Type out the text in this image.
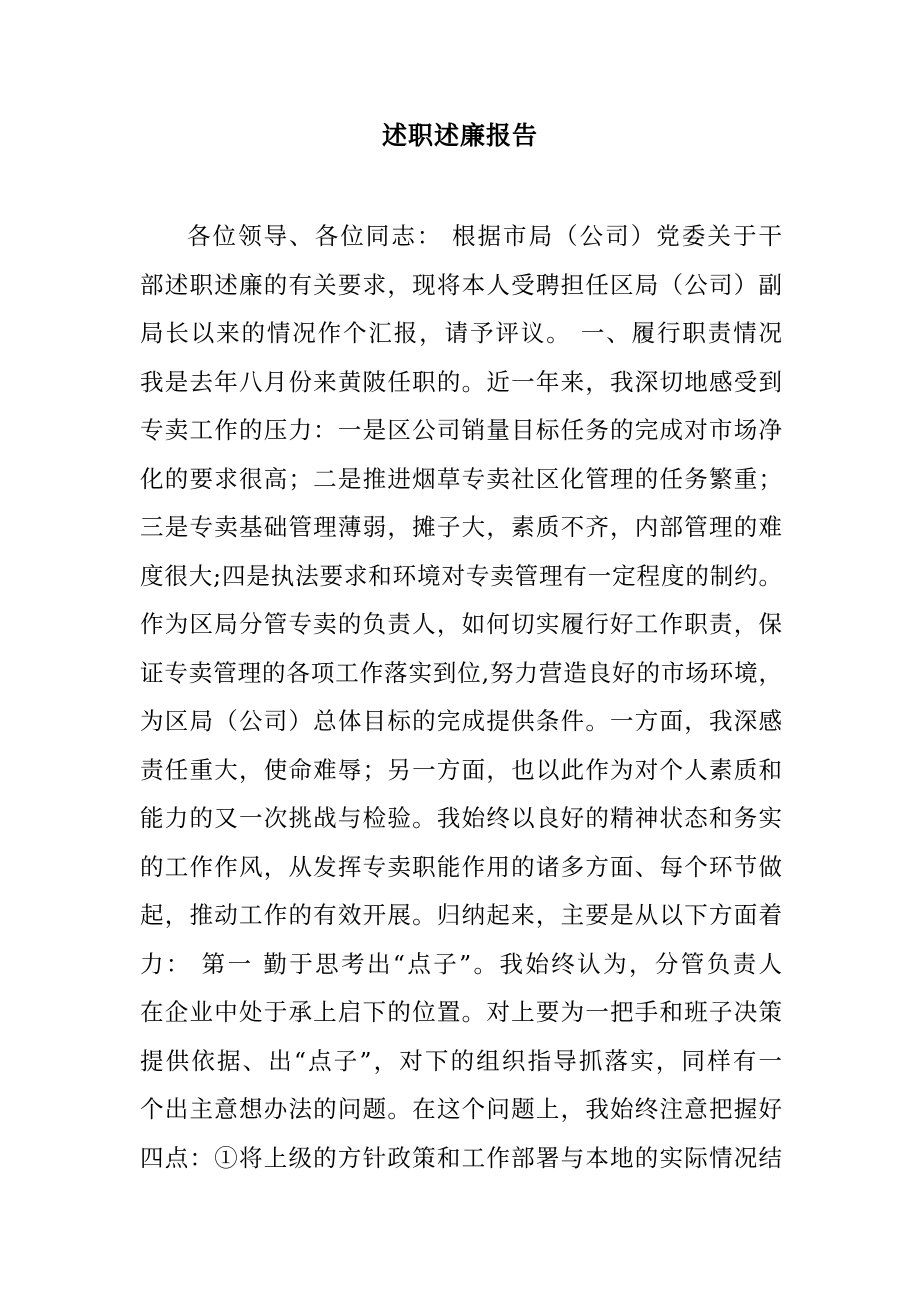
述职述廉报告
各位领导、各位同志： 根据市局（公司）党委关于干
部述职述廉的有关要求，现将本人受聘担任区局（公司）副
局长以来的情况作个汇报，请予评议。 一、履行职责情况
我是去年八月份来黄陂任职的。近一年来，我深切地感受到
专卖工作的压力：一是区公司销量目标任务的完成对市场净
化的要求很高；二是推进烟草专卖社区化管理的任务繁重；
三是专卖基础管理薄弱，摊子大，素质不齐，内部管理的难
度很大;四是执法要求和环境对专卖管理有一定程度的制约。
作为区局分管专卖的负责人，如何切实履行好工作职责，保
证专卖管理的各项工作落实到位,努力营造良好的市场环境，
为区局（公司）总体目标的完成提供条件。一方面，我深感
责任重大，使命难辱；另一方面，也以此作为对个人素质和
能力的又一次挑战与检验。我始终以良好的精神状态和务实
的工作作风，从发挥专卖职能作用的诸多方面、每个环节做
起，推动工作的有效开展。归纳起来，主要是从以下方面着
力： 第一 勤于思考出“点子”。我始终认为，分管负责人
在企业中处于承上启下的位置。对上要为一把手和班子决策
提供依据、出“点子”，对下的组织指导抓落实，同样有一
个出主意想办法的问题。在这个问题上，我始终注意把握好
四点：①将上级的方针政策和工作部署与本地的实际情况结
